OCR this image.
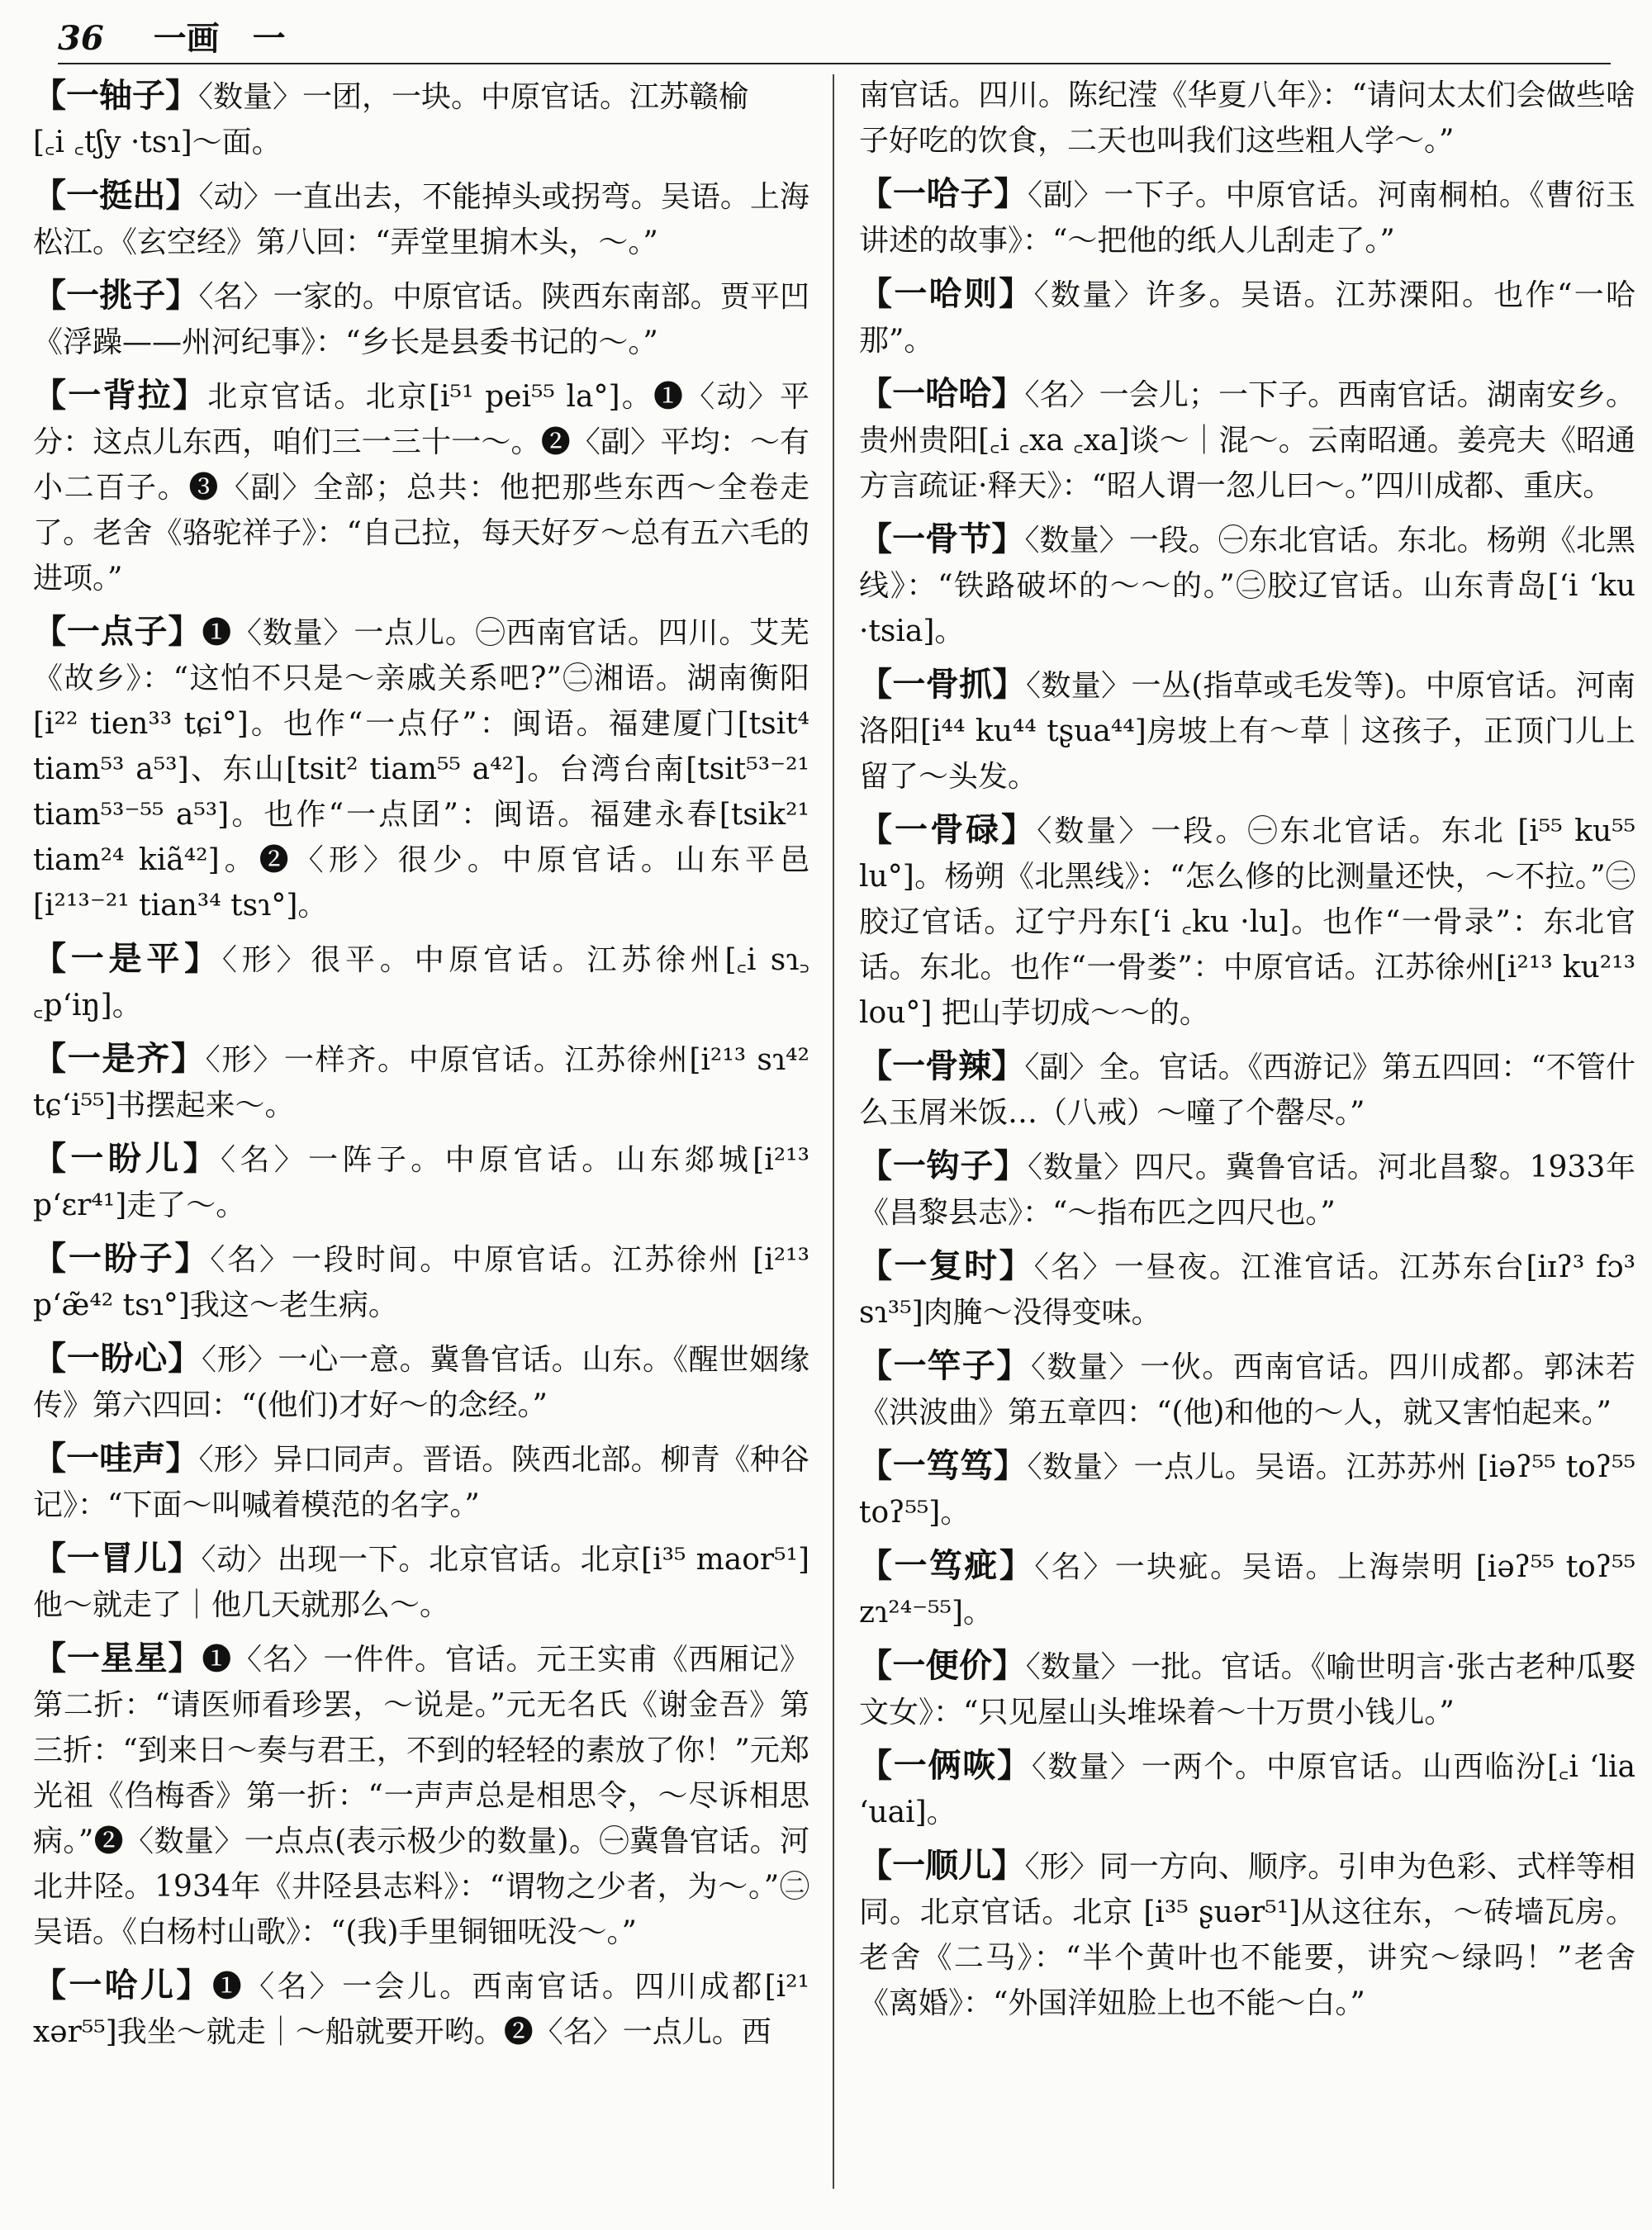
36 一画　一
【一轴子】〈数量〉一团，一块。中原官话。江苏赣榆
[꜀i ꜀tʃy ·tsɿ]～面。
【一挺出】〈动〉一直出去，不能掉头或拐弯。吴语。上海松江。《玄空经》第八回：“弄堂里掮木头，～。”
【一挑子】〈名〉一家的。中原官话。陕西东南部。贾平凹《浮躁——州河纪事》：“乡长是县委书记的～。”
【一背拉】北京官话。北京[i⁵¹ pei⁵⁵ la°]。❶〈动〉平分：这点儿东西，咱们三一三十一～。❷〈副〉平均：～有小二百子。❸〈副〉全部；总共：他把那些东西～全卷走了。老舍《骆驼祥子》：“自己拉，每天好歹～总有五六毛的进项。”
【一点子】❶〈数量〉一点儿。㊀西南官话。四川。艾芜《故乡》：“这怕不只是～亲戚关系吧?”㊁湘语。湖南衡阳[i²² tien³³ tɕi°]。也作“一点仔”：闽语。福建厦门[tsit⁴ tiam⁵³ a⁵³]、东山[tsit² tiam⁵⁵ a⁴²]。台湾台南[tsit⁵³⁻²¹ tiam⁵³⁻⁵⁵ a⁵³]。也作“一点囝”：闽语。福建永春[tsik²¹ tiam²⁴ kiã⁴²]。❷〈形〉很少。中原官话。山东平邑[i²¹³⁻²¹ tian³⁴ tsɿ°]。
【一是平】〈形〉很平。中原官话。江苏徐州[꜀i sɿ꜆ ꜀pʻiŋ]。
【一是齐】〈形〉一样齐。中原官话。江苏徐州[i²¹³ sɿ⁴² tɕʻi⁵⁵]书摆起来～。
【一盼儿】〈名〉一阵子。中原官话。山东郯城[i²¹³ pʻɛr⁴¹]走了～。
【一盼子】〈名〉一段时间。中原官话。江苏徐州 [i²¹³ pʻæ̃⁴² tsɿ°]我这～老生病。
【一盼心】〈形〉一心一意。冀鲁官话。山东。《醒世姻缘传》第六四回：“(他们)才好～的念经。”
【一哇声】〈形〉异口同声。晋语。陕西北部。柳青《种谷记》：“下面～叫喊着模范的名字。”
【一冒儿】〈动〉出现一下。北京官话。北京[i³⁵ maor⁵¹]他～就走了｜他几天就那么～。
【一星星】❶〈名〉一件件。官话。元王实甫《西厢记》第二折：“请医师看珍罢，～说是。”元无名氏《谢金吾》第三折：“到来日～奏与君王，不到的轻轻的素放了你！”元郑光祖《㑇梅香》第一折：“一声声总是相思令，～尽诉相思病。”❷〈数量〉一点点(表示极少的数量)。㊀冀鲁官话。河北井陉。1934年《井陉县志料》：“谓物之少者，为～。”㊁吴语。《白杨村山歌》：“(我)手里铜钿呒没～。”
【一哈儿】❶〈名〉一会儿。西南官话。四川成都[i²¹ xər⁵⁵]我坐～就走｜～船就要开哟。❷〈名〉一点儿。西
南官话。四川。陈纪滢《华夏八年》：“请问太太们会做些啥子好吃的饮食，二天也叫我们这些粗人学～。”
【一哈子】〈副〉一下子。中原官话。河南桐柏。《曹衍玉讲述的故事》：“～把他的纸人儿刮走了。”
【一哈则】〈数量〉许多。吴语。江苏溧阳。也作“一哈那”。
【一哈哈】〈名〉一会儿；一下子。西南官话。湖南安乡。贵州贵阳[꜀i ꜀xa ꜀xa]谈～｜混～。云南昭通。姜亮夫《昭通方言疏证·释天》：“昭人谓一忽儿曰～。”四川成都、重庆。
【一骨节】〈数量〉一段。㊀东北官话。东北。杨朔《北黑线》：“铁路破坏的～～的。”㊁胶辽官话。山东青岛[ʻi ʻku ·tsia]。
【一骨抓】〈数量〉一丛(指草或毛发等)。中原官话。河南洛阳[i⁴⁴ ku⁴⁴ tʂua⁴⁴]房坡上有～草｜这孩子，正顶门儿上留了～头发。
【一骨碌】〈数量〉一段。㊀东北官话。东北 [i⁵⁵ ku⁵⁵ lu°]。杨朔《北黑线》：“怎么修的比测量还快，～不拉。”㊁胶辽官话。辽宁丹东[ʻi ꜀ku ·lu]。也作“一骨录”：东北官话。东北。也作“一骨娄”：中原官话。江苏徐州[i²¹³ ku²¹³ lou°] 把山芋切成～～的。
【一骨辣】〈副〉全。官话。《西游记》第五四回：“不管什么玉屑米饭…（八戒）～噇了个罄尽。”
【一钩子】〈数量〉四尺。冀鲁官话。河北昌黎。1933年《昌黎县志》：“～指布匹之四尺也。”
【一复时】〈名〉一昼夜。江淮官话。江苏东台[iɪʔ³ fɔ³ sɿ³⁵]肉腌～没得变味。
【一竿子】〈数量〉一伙。西南官话。四川成都。郭沫若《洪波曲》第五章四：“(他)和他的～人，就又害怕起来。”
【一笃笃】〈数量〉一点儿。吴语。江苏苏州 [iəʔ⁵⁵ toʔ⁵⁵ toʔ⁵⁵]。
【一笃疵】〈名〉一块疵。吴语。上海崇明 [iəʔ⁵⁵ toʔ⁵⁵ zɿ²⁴⁻⁵⁵]。
【一便价】〈数量〉一批。官话。《喻世明言·张古老种瓜娶文女》：“只见屋山头堆垛着～十万贯小钱儿。”
【一俩咴】〈数量〉一两个。中原官话。山西临汾[꜀i ʻlia ʻuai]。
【一顺儿】〈形〉同一方向、顺序。引申为色彩、式样等相同。北京官话。北京 [i³⁵ ʂuər⁵¹]从这往东，～砖墙瓦房。老舍《二马》：“半个黄叶也不能要，讲究～绿吗！”老舍《离婚》：“外国洋妞脸上也不能～白。”
